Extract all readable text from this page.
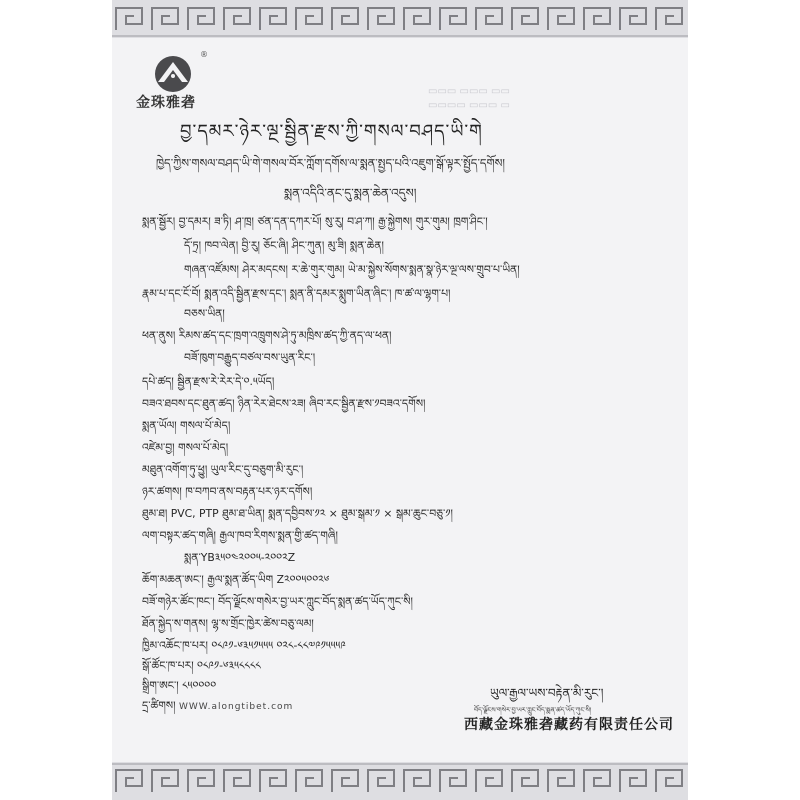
®
金珠雅砻
▭▭▭ ▭▭▭ ▭▭
▭▭▭▭ ▭▭▭ ▭
བྱ་དམར་ཉེར་ལྔ་སྦྱིན་རྫས་ཀྱི་གསལ་བཤད་ཡི་གེ
ཁྱེད་ཀྱིས་གསལ་བཤད་ཡི་གེ་གསལ་བོར་ཀློག་དགོས་ལ་སྨན་སྤྱད་པའི་འཇུག་སྒོ་ལྟར་སྤྱོད་དགོས།
སྨན་འདིའི་ནང་དུ་སྨན་ཆེན་འདུས།
སྨན་སྦྱོར། བྱ་དམར། ཟ་ཏི། ཤ་ཁྲ། ཙན་དན་དཀར་པོ། སུ་རུ། བ་ཤ་ཀ། རྒྱ་སྐྱེགས། གུར་གུམ། ཁྲག་ཤིང་།
དོ་ཏྲ། ཁབ་ལེན། བྱི་རུ། ཅོང་ཞི། ཤིང་ཀུན། མུ་ཟི། སྨན་ཆེན།
གཞན་འཛོམས། ཤེར་མདངས། ར་ཆེ་གུར་གུམ། ཡེ་མ་སྐྱེས་སོགས་སྨན་སྣ་ཉེར་ལྔ་ལས་གྲུབ་པ་ཡིན།
རྣམ་པ་དང་ངོ་བོ། སྨན་འདི་སྦྱིན་རྫས་དང་། སྨན་ནི་དམར་སྨུག་ཡིན་ཞིང་། ཁ་ཚ་ལ་ལྷག་པ།
བཅས་ཡིན།
ཕན་ནུས། རིམས་ཚད་དང་ཁྲག་འཁྲུགས་ཤེ་ཏུ་མཁྲིས་ཚད་ཀྱི་ནད་ལ་ཕན།
བཟོ་ཁུག་བརྒྱུད་བཙལ་བས་ཡུན་རིང་།
དཔེ་ཚད། སྦྱིན་རྫས་རེ་རེར་དེ་༠.༥ཡོད།
བཟའ་ཐབས་དང་ཐུན་ཚད། ཉིན་རེར་ཐེངས་༢ཟ། ཞིབ་རང་སྦྱིན་རྫས་༡བཟའ་དགོས།
སྨན་ཡོལ། གསལ་པོ་མེད།
འཛེམ་བྱ། གསལ་པོ་མེད།
མཐུན་འགོག་ཏུ་ཕྱུ། ཡུལ་རིང་དུ་བཅུག་མི་རུང་།
ཉར་ཚགས། ཁ་བཀབ་ནས་བརྟན་པར་ཉར་དགོས།
ཐུམ་ཐ། PVC, PTP ཐུམ་ཐ་ཡིན། སྨན་དབྱིབས་༡༢ × ཐུམ་སྒམ་༡ × སྒམ་ཆུང་བཅུ་༡།
ལག་བསྟར་ཚད་གཞི། རྒྱལ་ཁབ་རིགས་སྨན་གྱི་ཚད་གཞི།
སྨན་YB༣༥༠༤༢༠༠༥-༢༠༠༢Z
ཆོག་མཆན་ཨང་། རྒྱལ་སྨན་ཚོད་ཡིག Z༢༠༠༥༠༠༢༦
བཟོ་གཉེར་ཚོང་ཁང་། བོད་ལྗོངས་གསེར་བྱ་ཡར་ཀླུང་བོད་སྨན་ཚད་ཡོད་ཀུང་སི།
ཐོན་སྐྱེད་ས་གནས། ལྷ་ས་གྲོང་ཁྱེར་ཚེས་བཅུ་ལམ།
ཁྱིམ་འཆོང་ཁ་པར། ༠༨༩༡-༦༣༥༡༥༥༥ ༠༢༨-༨༨༧༩༡༥༥༥༩
སྒོ་ཚོང་ཁ་པར། ༠༨༩༡-༦༣༥༨༨༨༨
སྒྲིག་ཨང་། ༨༥༠༠༠༠
དྲ་ཚིགས། WWW.alongtibet.com
ཡུལ་རྒྱལ་ཡས་བརྟེན་མི་རུང་།
བོད་ལྗོངས་གསེར་བྱ་ཡར་ཀླུང་བོད་སྨན་ཚད་ཡོད་ཀུང་སི།
西藏金珠雅砻藏药有限责任公司
